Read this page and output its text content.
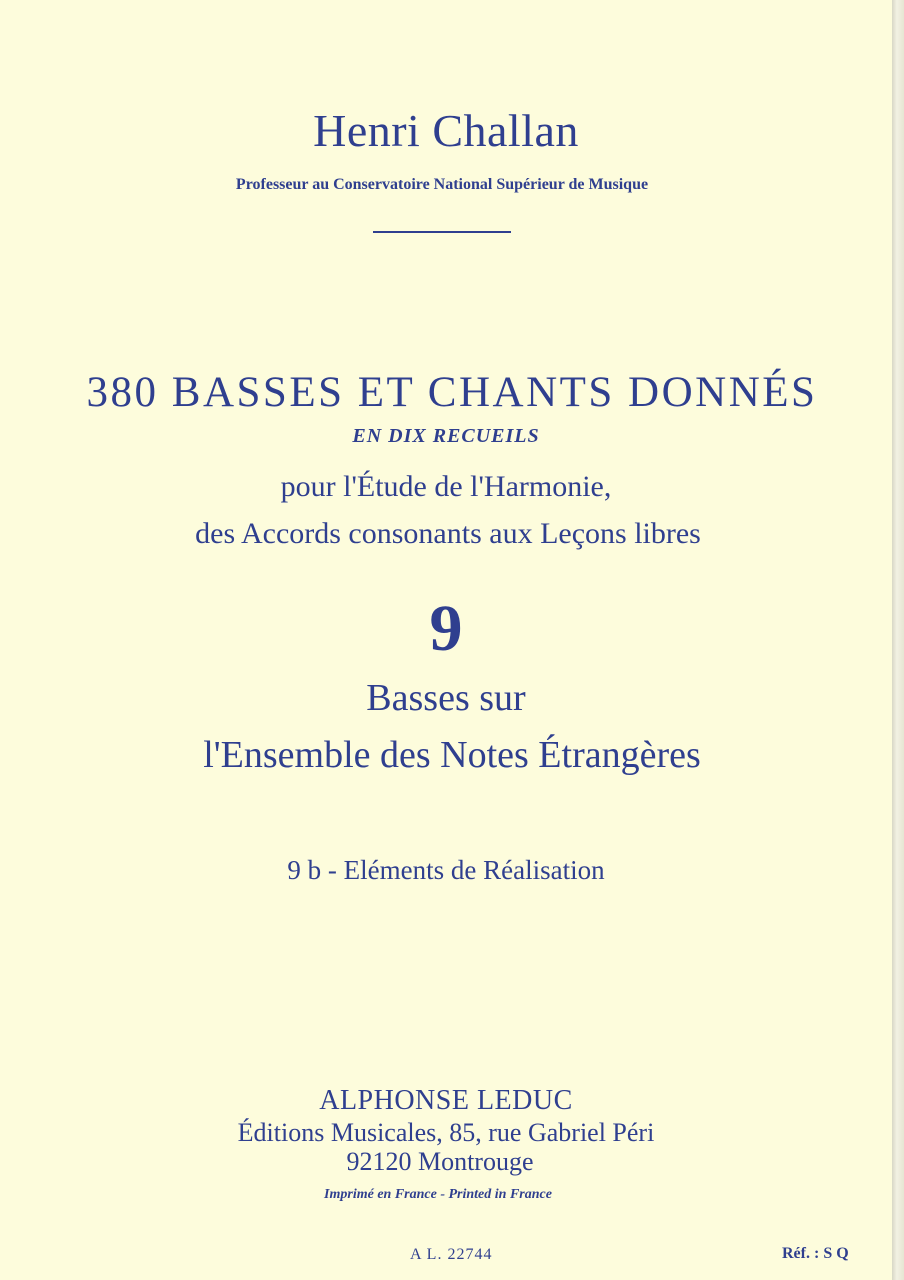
Henri Challan
Professeur au Conservatoire National Supérieur de Musique
380 BASSES ET CHANTS DONNÉS
EN DIX RECUEILS
pour l'Étude de l'Harmonie,
des Accords consonants aux Leçons libres
9
Basses sur
l'Ensemble des Notes Étrangères
9 b - Eléments de Réalisation
ALPHONSE LEDUC
Éditions Musicales, 85, rue Gabriel Péri
92120 Montrouge
Imprimé en France - Printed in France
A L. 22744	Réf. : S Q
